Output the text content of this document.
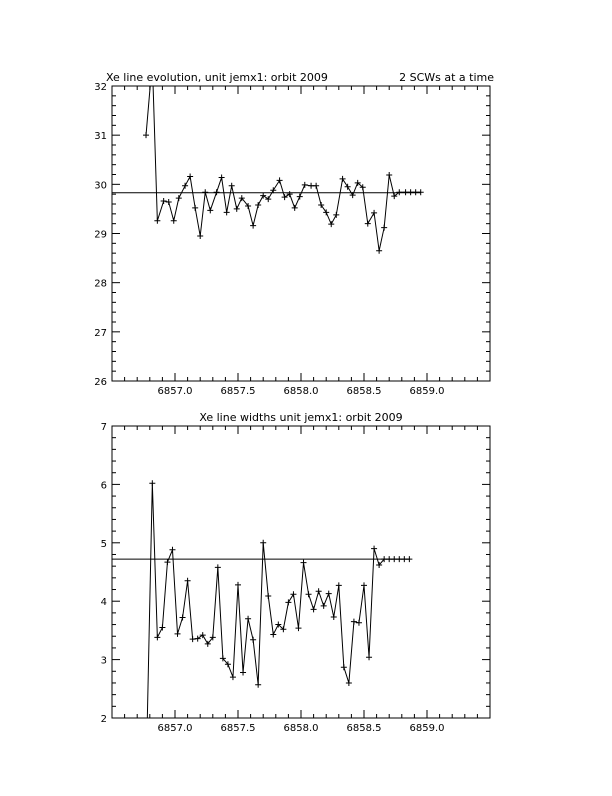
Xe line evolution, unit jemx1: orbit 2009	2 SCWs at a time
26
27
28
29
30
31
32
6857.0	6857.5	6858.0	6858.5	6859.0
Xe line widths unit jemx1: orbit 2009
2
3
4
5
6
7
6857.0	6857.5	6858.0	6858.5	6859.0
